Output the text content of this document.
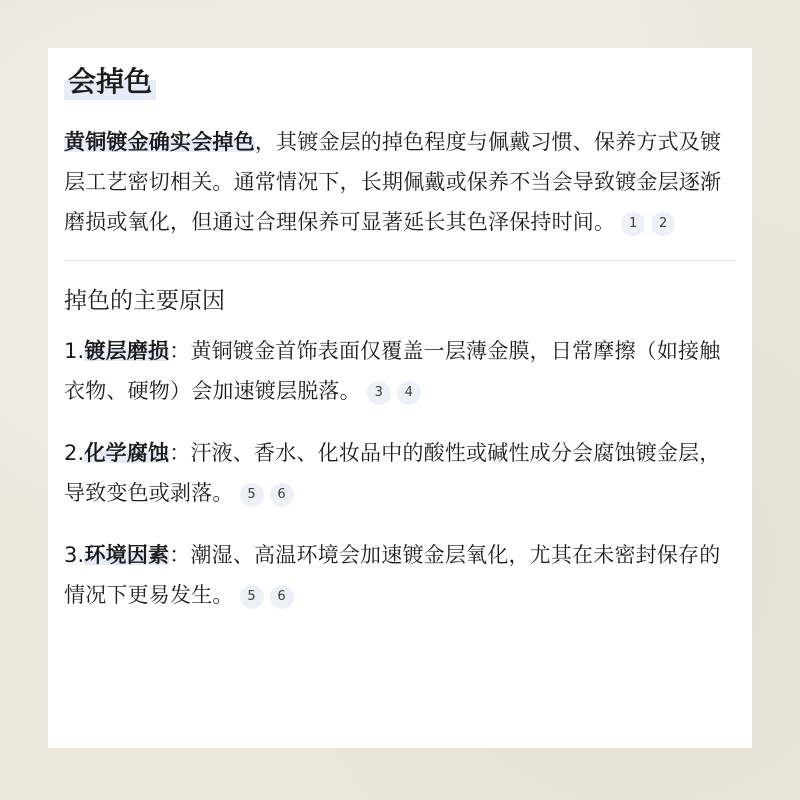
会掉色
黄铜镀金确实会掉色，其镀金层的掉色程度与佩戴习惯、保养方式及镀层工艺密切相关。通常情况下，长期佩戴或保养不当会导致镀金层逐渐磨损或氧化，但通过合理保养可显著延长其色泽保持时间。 1 2
掉色的主要原因
1.镀层磨损：黄铜镀金首饰表面仅覆盖一层薄金膜，日常摩擦（如接触衣物、硬物）会加速镀层脱落。 3 4
2.化学腐蚀：汗液、香水、化妆品中的酸性或碱性成分会腐蚀镀金层，导致变色或剥落。 5 6
3.环境因素：潮湿、高温环境会加速镀金层氧化，尤其在未密封保存的情况下更易发生。 5 6
